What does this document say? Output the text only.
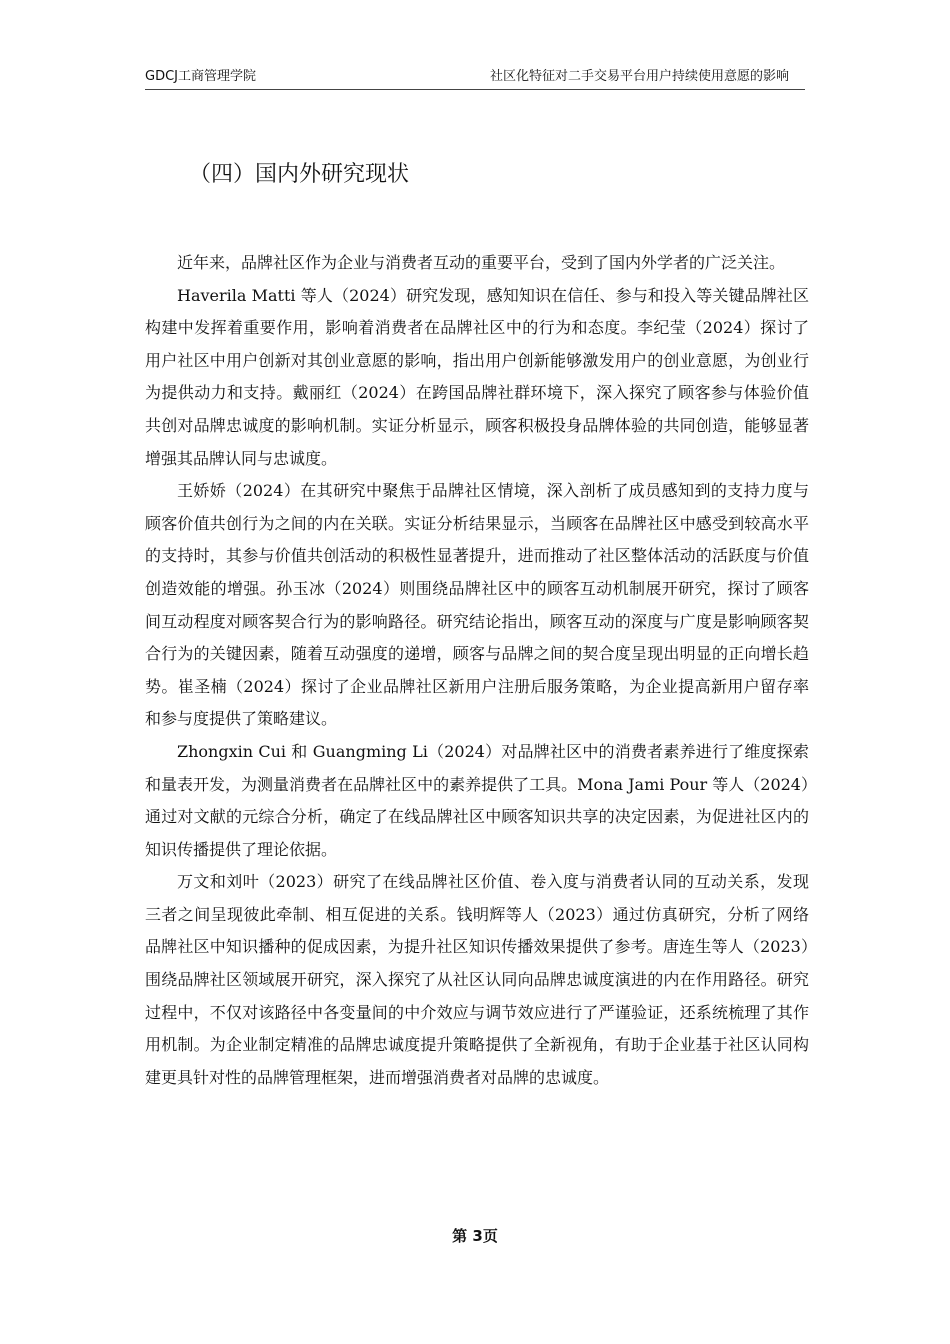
GDCJ工商管理学院	社区化特征对二手交易平台用户持续使用意愿的影响
（四）国内外研究现状

近年来，品牌社区作为企业与消费者互动的重要平台，受到了国内外学者的广泛关注。

Haverila Matti 等人（2024）研究发现，感知知识在信任、参与和投入等关键品牌社区构建中发挥着重要作用，影响着消费者在品牌社区中的行为和态度。李纪莹（2024）探讨了用户社区中用户创新对其创业意愿的影响，指出用户创新能够激发用户的创业意愿，为创业行为提供动力和支持。戴丽红（2024）在跨国品牌社群环境下，深入探究了顾客参与体验价值共创对品牌忠诚度的影响机制。实证分析显示，顾客积极投身品牌体验的共同创造，能够显著增强其品牌认同与忠诚度。

王娇娇（2024）在其研究中聚焦于品牌社区情境，深入剖析了成员感知到的支持力度与顾客价值共创行为之间的内在关联。实证分析结果显示，当顾客在品牌社区中感受到较高水平的支持时，其参与价值共创活动的积极性显著提升，进而推动了社区整体活动的活跃度与价值创造效能的增强。孙玉冰（2024）则围绕品牌社区中的顾客互动机制展开研究，探讨了顾客间互动程度对顾客契合行为的影响路径。研究结论指出，顾客互动的深度与广度是影响顾客契合行为的关键因素，随着互动强度的递增，顾客与品牌之间的契合度呈现出明显的正向增长趋势。崔圣楠（2024）探讨了企业品牌社区新用户注册后服务策略，为企业提高新用户留存率和参与度提供了策略建议。

Zhongxin Cui 和 Guangming Li（2024）对品牌社区中的消费者素养进行了维度探索和量表开发，为测量消费者在品牌社区中的素养提供了工具。Mona Jami Pour 等人（2024）通过对文献的元综合分析，确定了在线品牌社区中顾客知识共享的决定因素，为促进社区内的知识传播提供了理论依据。

万文和刘叶（2023）研究了在线品牌社区价值、卷入度与消费者认同的互动关系，发现三者之间呈现彼此牵制、相互促进的关系。钱明辉等人（2023）通过仿真研究，分析了网络品牌社区中知识播种的促成因素，为提升社区知识传播效果提供了参考。唐连生等人（2023）围绕品牌社区领域展开研究，深入探究了从社区认同向品牌忠诚度演进的内在作用路径。研究过程中，不仅对该路径中各变量间的中介效应与调节效应进行了严谨验证，还系统梳理了其作用机制。为企业制定精准的品牌忠诚度提升策略提供了全新视角，有助于企业基于社区认同构建更具针对性的品牌管理框架，进而增强消费者对品牌的忠诚度。

第 3页
